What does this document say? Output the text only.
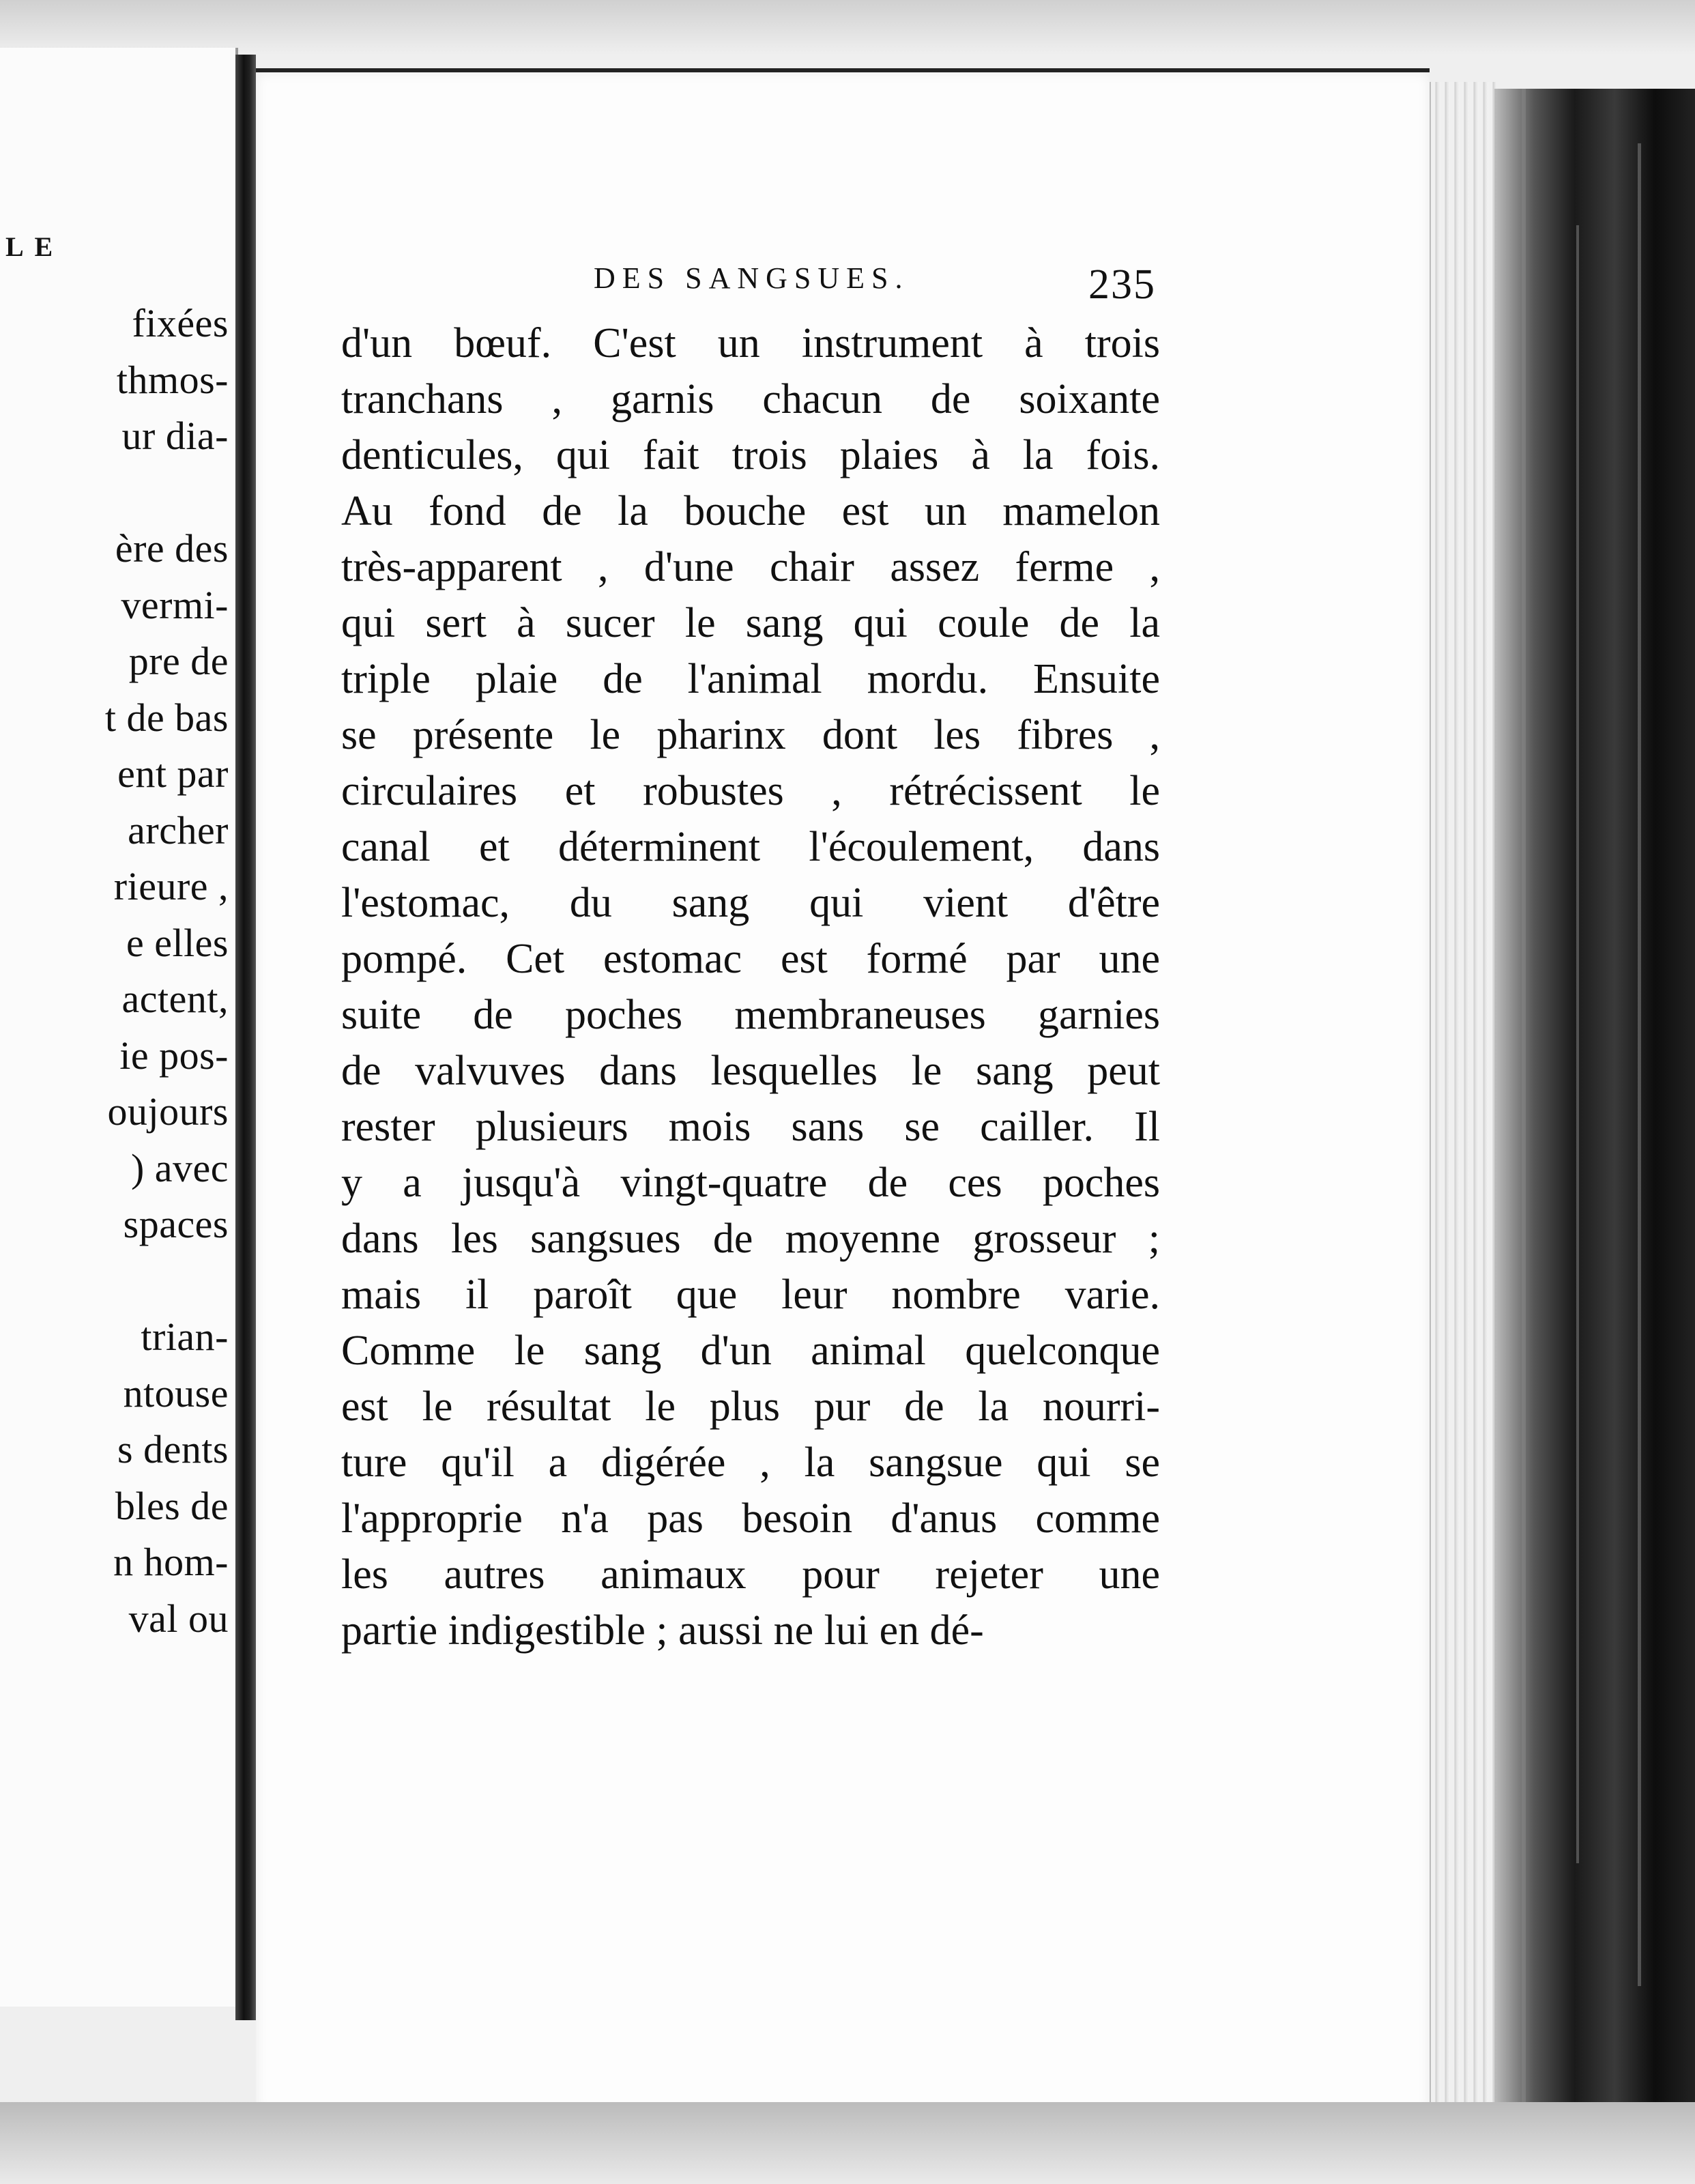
L E
fixées
thmos-
ur dia-
ère des
vermi-
pre de
t de bas
ent par
archer
rieure ,
e elles
actent,
ie pos-
oujours
) avec
spaces
trian-
ntouse
s dents
bles de
n hom-
val ou
DES SANGSUES.	235
d'un bœuf. C'est un instrument à trois
tranchans , garnis chacun de soixante
denticules, qui fait trois plaies à la fois.
Au fond de la bouche est un mamelon
très-apparent , d'une chair assez ferme ,
qui sert à sucer le sang qui coule de la
triple plaie de l'animal mordu. Ensuite
se présente le pharinx dont les fibres ,
circulaires et robustes , rétrécissent le
canal et déterminent l'écoulement, dans
l'estomac, du sang qui vient d'être
pompé. Cet estomac est formé par une
suite de poches membraneuses garnies
de valvuves dans lesquelles le sang peut
rester plusieurs mois sans se cailler. Il
y a jusqu'à vingt-quatre de ces poches
dans les sangsues de moyenne grosseur ;
mais il paroît que leur nombre varie.
Comme le sang d'un animal quelconque
est le résultat le plus pur de la nourri-
ture qu'il a digérée , la sangsue qui se
l'approprie n'a pas besoin d'anus comme
les autres animaux pour rejeter une
partie indigestible ; aussi ne lui en dé-
